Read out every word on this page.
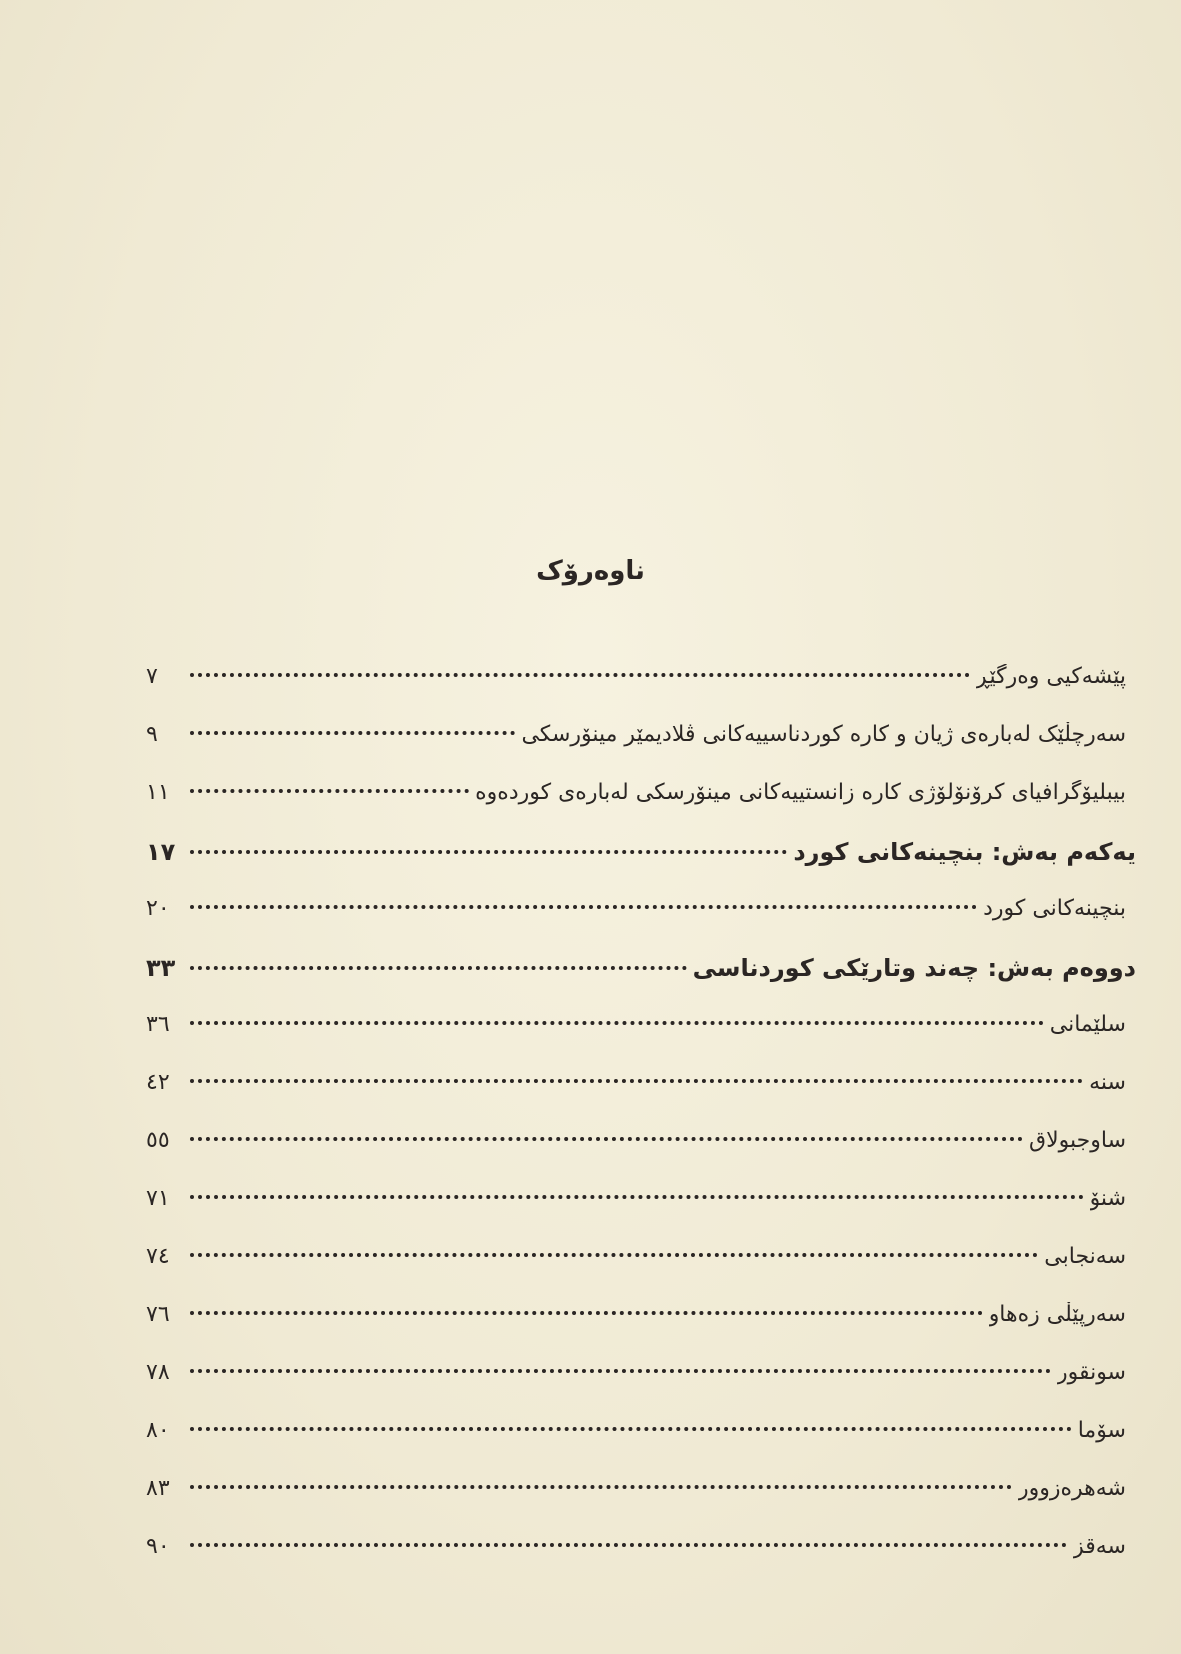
ناوەرۆک
پێشەکیی وەرگێڕ
٧
سەرچڵێک لەبارەی ژیان و کارە کوردناسییەکانی ڤلادیمێر مینۆرسکی
٩
بیبلیۆگرافیای کرۆنۆلۆژی کارە زانستییەکانی مینۆرسکی لەبارەی کوردەوە
١١
یەکەم بەش: بنچینەکانی کورد
١٧
بنچینەکانی کورد
٢٠
دووەم بەش: چەند وتارێکی کوردناسی
٣٣
سلێمانی
٣٦
سنە
٤٢
ساوجبولاق
٥٥
شنۆ
٧١
سەنجابی
٧٤
سەرپێڵی زەهاو
٧٦
سونقور
٧٨
سۆما
٨٠
شەهرەزوور
٨٣
سەقز
٩٠
